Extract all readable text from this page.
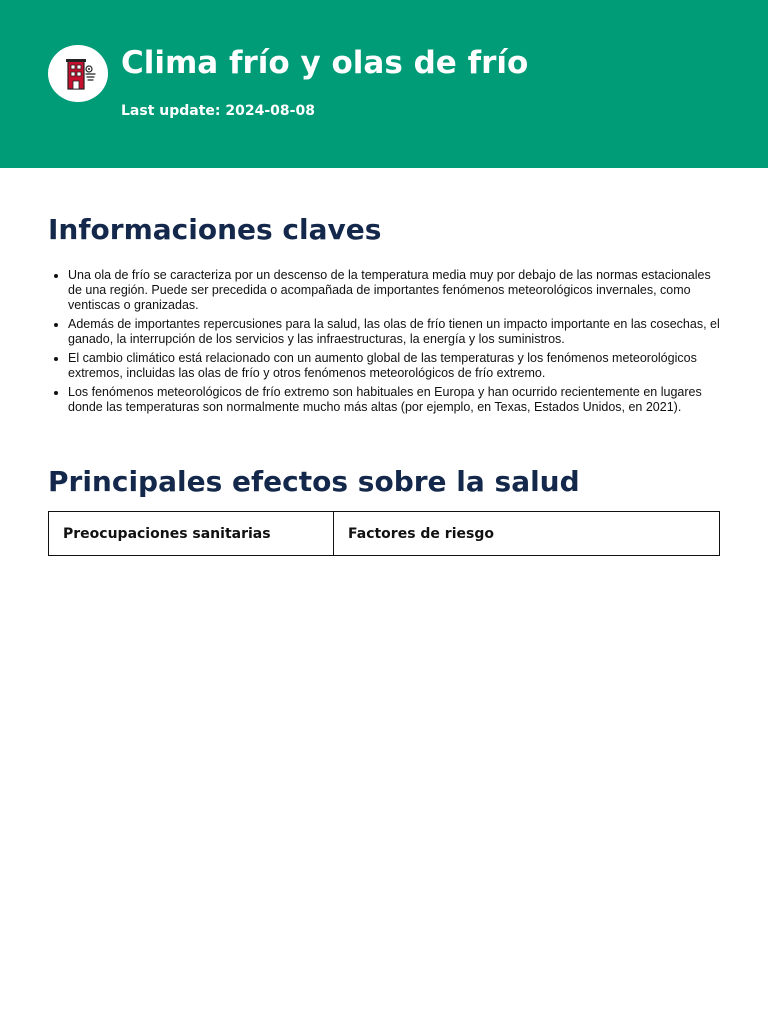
Clima frío y olas de frío
Last update: 2024-08-08
Informaciones claves
• Una ola de frío se caracteriza por un descenso de la temperatura media muy por debajo de las normas estacionales de una región. Puede ser precedida o acompañada de importantes fenómenos meteorológicos invernales, como ventiscas o granizadas.
• Además de importantes repercusiones para la salud, las olas de frío tienen un impacto importante en las cosechas, el ganado, la interrupción de los servicios y las infraestructuras, la energía y los suministros.
• El cambio climático está relacionado con un aumento global de las temperaturas y los fenómenos meteorológicos extremos, incluidas las olas de frío y otros fenómenos meteorológicos de frío extremo.
• Los fenómenos meteorológicos de frío extremo son habituales en Europa y han ocurrido recientemente en lugares donde las temperaturas son normalmente mucho más altas (por ejemplo, en Texas, Estados Unidos, en 2021).
Principales efectos sobre la salud
Preocupaciones sanitarias	Factores de riesgo
